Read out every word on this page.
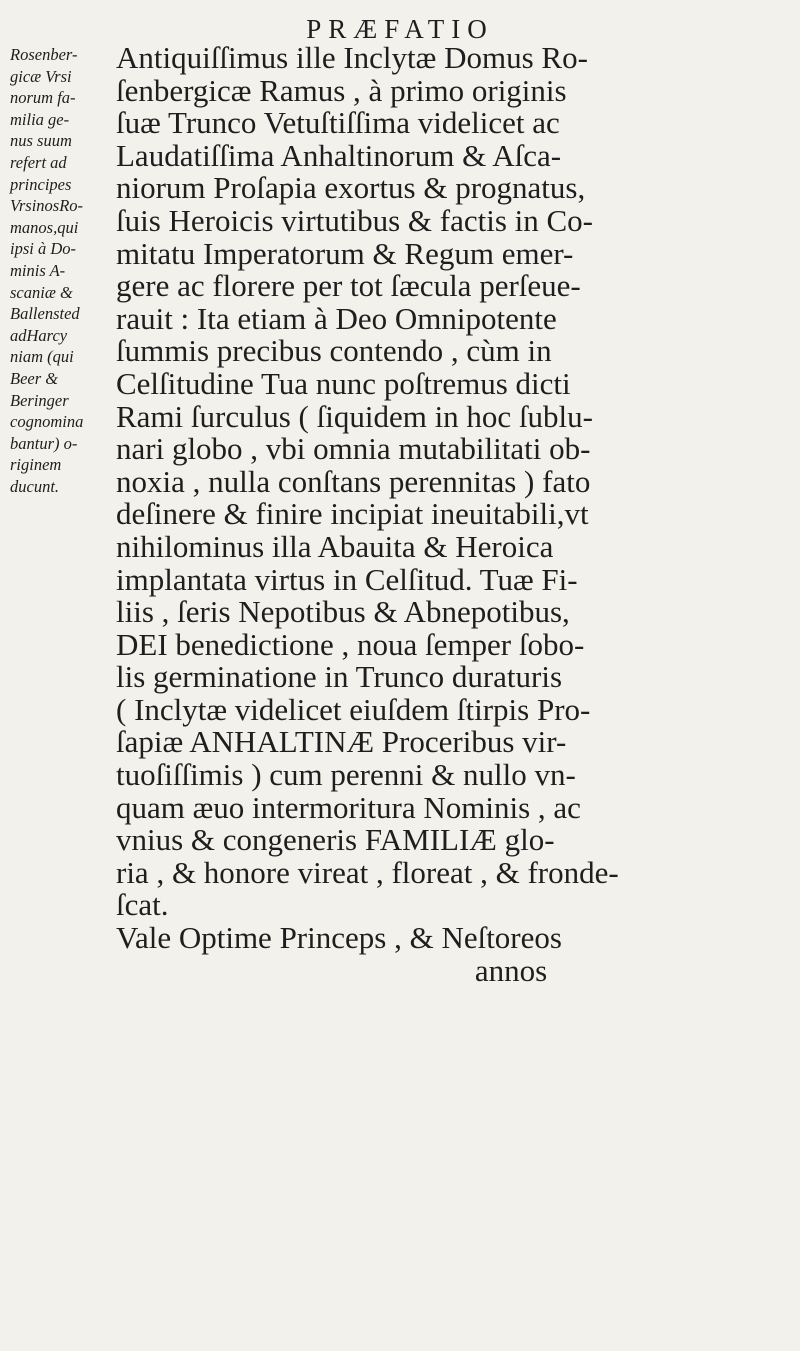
PRÆFATIO
Rosenber-
gicæ Vrsi
norum fa-
milia ge-
nus suum
refert ad
principes
VrsinosRo-
manos,qui
ipsi à Do-
minis A-
scaniæ &
Ballensted
adHarcy
niam (qui
Beer &
Beringer
cognomina
bantur) o-
riginem
ducunt.
Antiquiſſimus ille Inclytæ Domus Ro-
ſenbergicæ Ramus , à primo originis
ſuæ Trunco Vetuſtiſſima videlicet ac
Laudatiſſima Anhaltinorum & Aſca-
niorum Proſapia exortus & prognatus,
ſuis Heroicis virtutibus & factis in Co-
mitatu Imperatorum & Regum emer-
gere ac florere per tot ſæcula perſeue-
rauit : Ita etiam à Deo Omnipotente
ſummis precibus contendo , cùm in
Celſitudine Tua nunc poſtremus dicti
Rami ſurculus ( ſiquidem in hoc ſublu-
nari globo , vbi omnia mutabilitati ob-
noxia , nulla conſtans perennitas ) fato
deſinere & finire incipiat ineuitabili,vt
nihilominus illa Abauita & Heroica
implantata virtus in Celſitud. Tuæ Fi-
liis , ſeris Nepotibus & Abnepotibus,
DEI benedictione , noua ſemper ſobo-
lis germinatione in Trunco duraturis
( Inclytæ videlicet eiuſdem ſtirpis Pro-
ſapiæ ANHALTINÆ Proceribus vir-
tuoſiſſimis ) cum perenni & nullo vn-
quam æuo intermoritura Nominis , ac
vnius & congeneris FAMILIÆ glo-
ria , & honore vireat , floreat , & fronde-
ſcat.
Vale Optime Princeps , & Neſtoreos
annos
